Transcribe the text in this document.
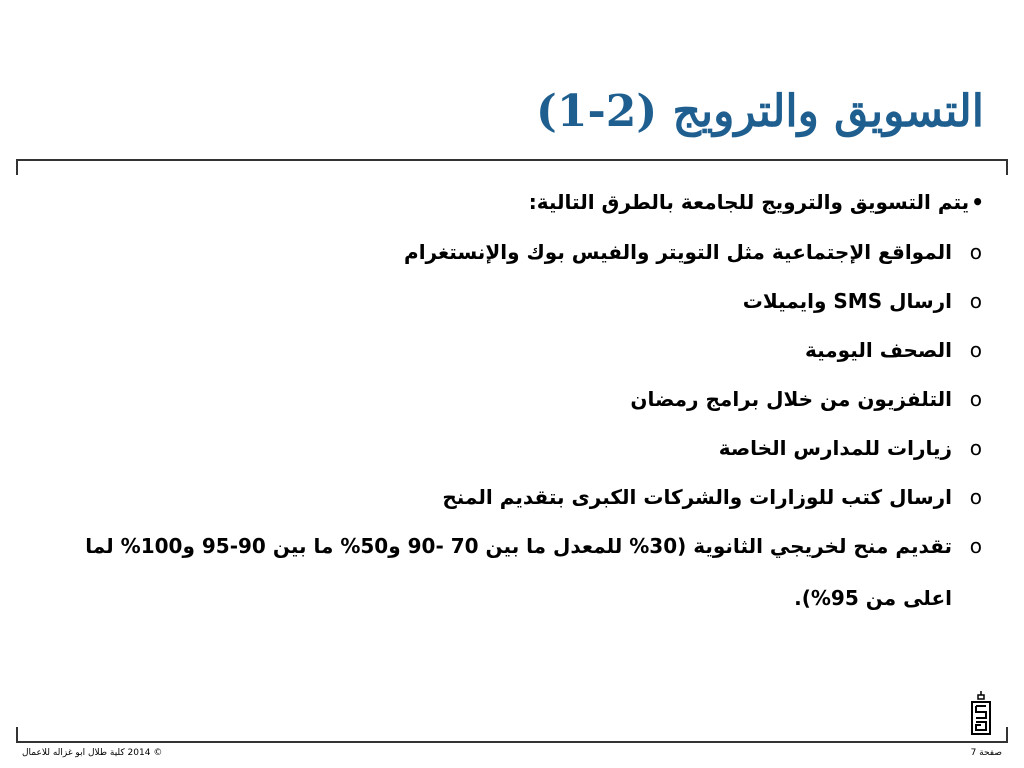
التسويق والترويج (2-1)
•يتم التسويق والترويج للجامعة بالطرق التالية:
o
المواقع الإجتماعية مثل التويتر والفيس بوك والإنستغرام
o
ارسال SMS وايميلات
o
الصحف اليومية
o
التلفزيون من خلال برامج رمضان
o
زيارات للمدارس الخاصة
o
ارسال كتب للوزارات والشركات الكبرى بتقديم المنح
o
تقديم منح لخريجي الثانوية (30% للمعدل ما بين 70 -90 و50% ما بين 90-95 و100% لما اعلى من 95%).
© 2014 كلية طلال ابو غزاله للاعمال	صفحة 7
